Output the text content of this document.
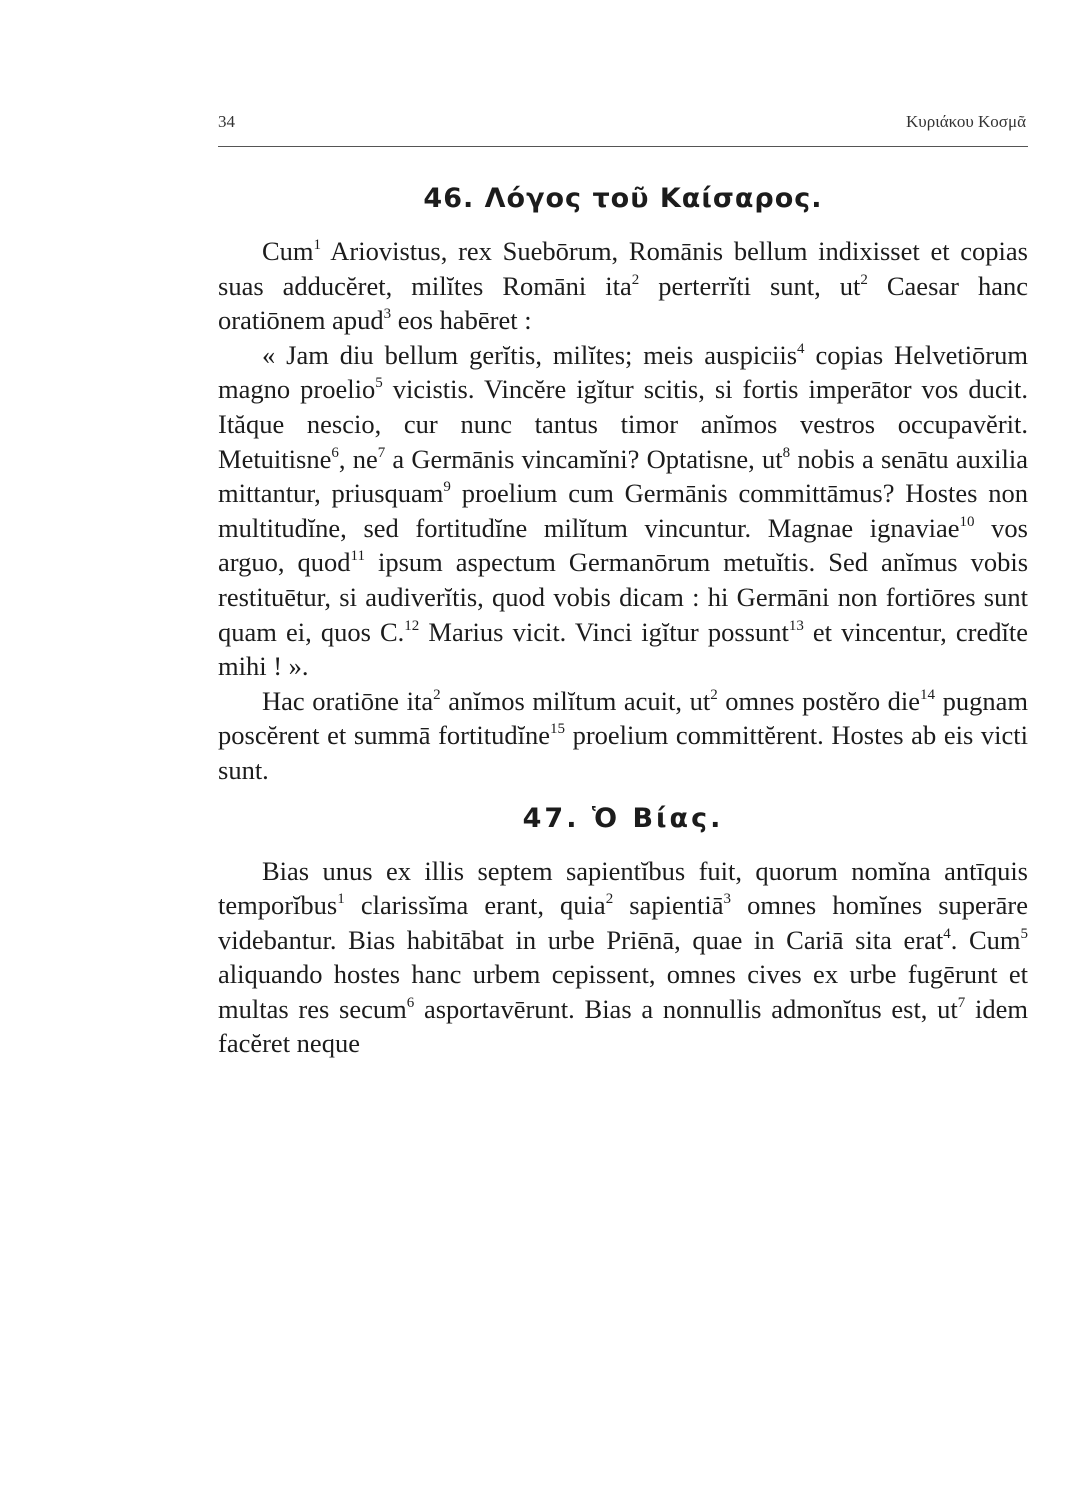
34	Κυριάκου Κοσμᾶ
46. Λόγος τοῦ Καίσαρος.

Cum$^1$ Ariovistus, rex Suebōrum, Romānis bellum indixisset et copias suas adducĕret, milĭtes Romāni ita$^2$ perterrĭti sunt, $ut^2$ Caesar hanc oratiōnem apud$^3$ eos habēret :

« Jam diu bellum gerĭtis, milĭtes; meis auspiciis$^4$ copias Helvetiōrum magno proelio$^5$ vicistis. Vincĕre igĭtur scitis, si fortis imperātor vos ducit. Ităque nescio, cur nunc tantus timor anĭmos vestros occupavĕrit. Metuitisne$^6$, $ne^7$ a Germānis vincamĭni? Optatisne, $ut^8$ nobis a senātu auxilia mittantur, priusquam$^9$ proelium cum Germānis committāmus? Hostes non multitudĭne, sed fortitudĭne milĭtum vincuntur. Magnae ignaviae$^{10}$ vos arguo, quod$^{11}$ ipsum aspectum Germanōrum metuĭtis. Sed anĭmus vobis restituētur, si audiverĭtis, quod vobis dicam : hi Germāni non fortiōres sunt quam ei, quos C.$^{12}$ Marius vicit. Vinci igĭtur possunt$^{13}$ et vincentur, credĭte mihi ! ».

Hac oratiōne ita$^2$ anĭmos milĭtum acuit, $ut^2$ omnes postĕro die$^{14}$ pugnam poscĕrent et summā fortitudĭne$^{15}$ proelium committĕrent. Hostes ab eis victi sunt.

47. Ὁ Βίας.

Bias unus ex illis septem sapientĭbus fuit, quorum nomĭna antīquis temporĭbus$^1$ clarissĭma erant, quia$^2$ sapientiā$^3$ omnes homĭnes superāre videbantur. Bias habitābat in urbe Priēnā, quae in Cariā sita erat$^4$. Cum$^5$ aliquando hostes hanc urbem cepissent, omnes cives ex urbe fugērunt et multas res secum$^6$ asportavērunt. Bias a nonnullis admonĭtus est, $ut^7$ idem facĕret neque
